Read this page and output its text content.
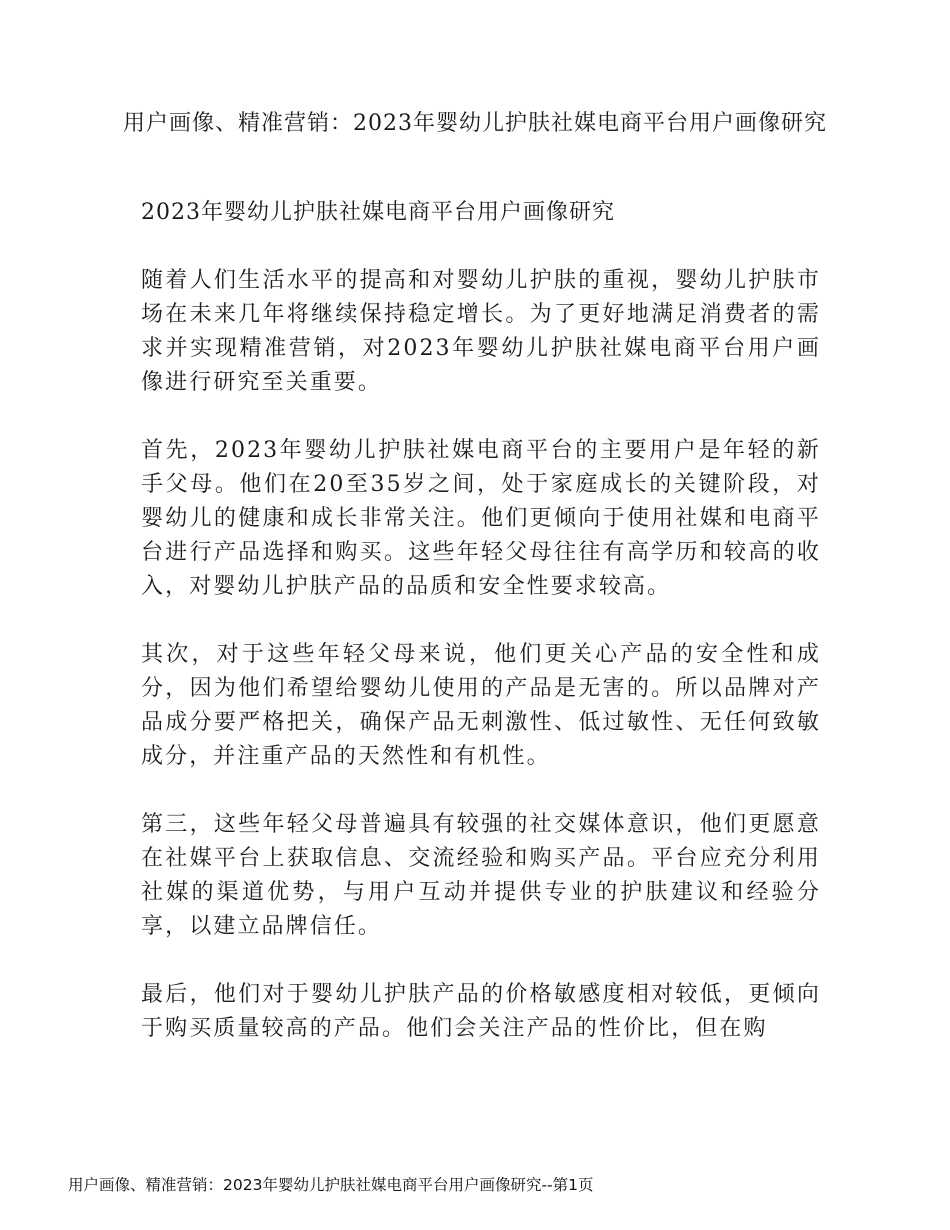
用户画像、精准营销：2023年婴幼儿护肤社媒电商平台用户画像研究

2023年婴幼儿护肤社媒电商平台用户画像研究

随着人们生活水平的提高和对婴幼儿护肤的重视，婴幼儿护肤市场在未来几年将继续保持稳定增长。为了更好地满足消费者的需求并实现精准营销，对2023年婴幼儿护肤社媒电商平台用户画像进行研究至关重要。

首先，2023年婴幼儿护肤社媒电商平台的主要用户是年轻的新手父母。他们在20至35岁之间，处于家庭成长的关键阶段，对婴幼儿的健康和成长非常关注。他们更倾向于使用社媒和电商平台进行产品选择和购买。这些年轻父母往往有高学历和较高的收入，对婴幼儿护肤产品的品质和安全性要求较高。

其次，对于这些年轻父母来说，他们更关心产品的安全性和成分，因为他们希望给婴幼儿使用的产品是无害的。所以品牌对产品成分要严格把关，确保产品无刺激性、低过敏性、无任何致敏成分，并注重产品的天然性和有机性。

第三，这些年轻父母普遍具有较强的社交媒体意识，他们更愿意在社媒平台上获取信息、交流经验和购买产品。平台应充分利用社媒的渠道优势，与用户互动并提供专业的护肤建议和经验分享，以建立品牌信任。

最后，他们对于婴幼儿护肤产品的价格敏感度相对较低，更倾向于购买质量较高的产品。他们会关注产品的性价比，但在购

用户画像、精准营销：2023年婴幼儿护肤社媒电商平台用户画像研究--第1页
